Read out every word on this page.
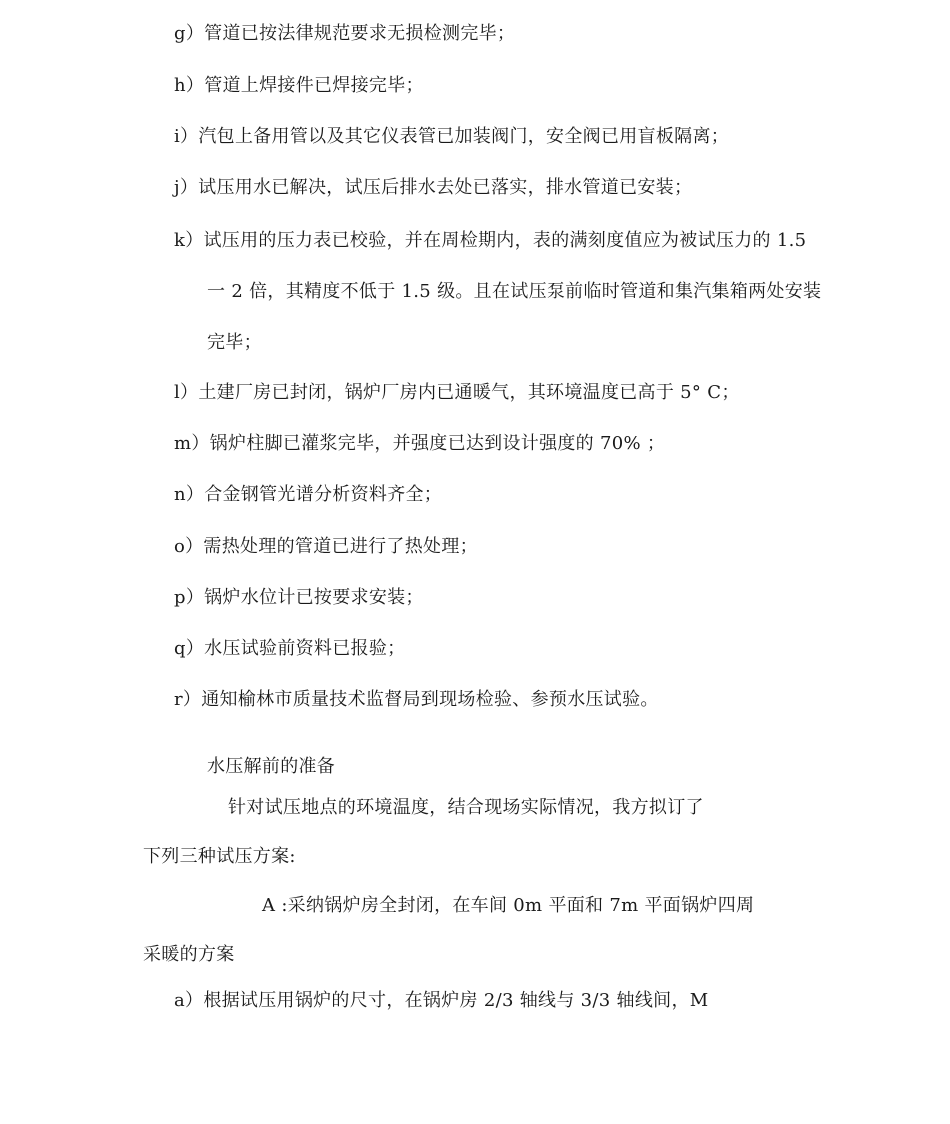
g）管道已按法律规范要求无损检测完毕；
h）管道上焊接件已焊接完毕；
i）汽包上备用管以及其它仪表管已加装阀门，安全阀已用盲板隔离；
j）试压用水已解决，试压后排水去处已落实，排水管道已安装；
k）试压用的压力表已校验，并在周检期内，表的满刻度值应为被试压力的 1.5
一 2 倍，其精度不低于 1.5 级。且在试压泵前临时管道和集汽集箱两处安装
完毕；
l）土建厂房已封闭，锅炉厂房内已通暖气，其环境温度已高于 5° C；
m）锅炉柱脚已灌浆完毕，并强度已达到设计强度的 70% ；
n）合金钢管光谱分析资料齐全；
o）需热处理的管道已进行了热处理；
p）锅炉水位计已按要求安装；
q）水压试验前资料已报验；
r）通知榆林市质量技术监督局到现场检验、参预水压试验。
水压解前的准备
针对试压地点的环境温度，结合现场实际情况，我方拟订了
下列三种试压方案:
A :采纳锅炉房全封闭，在车间 0m 平面和 7m 平面锅炉四周
采暖的方案
a）根据试压用锅炉的尺寸，在锅炉房 2/3 轴线与 3/3 轴线间，M
